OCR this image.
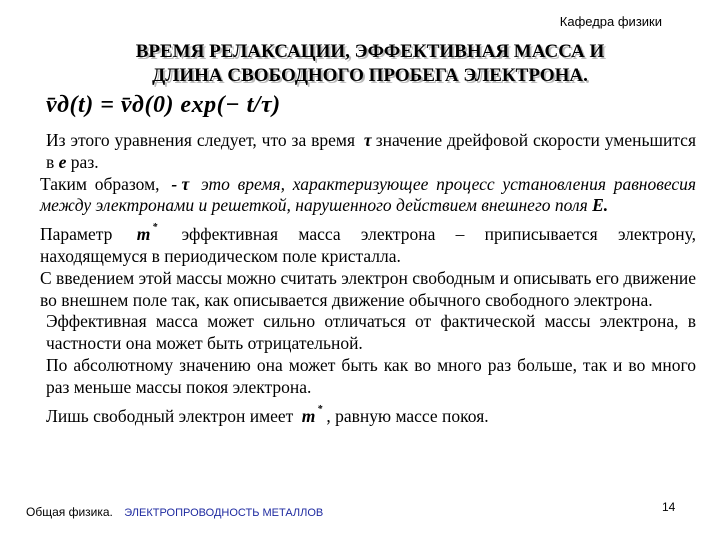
Кафедра физики
ВРЕМЯ РЕЛАКСАЦИИ, ЭФФЕКТИВНАЯ МАССА И
ДЛИНА СВОБОДНОГО ПРОБЕГА ЭЛЕКТРОНА.
v̄д(t) = v̄д(0) exp(− t/τ)

Из этого уравнения следует, что за время τ значение дрейфовой скорости уменьшится в e раз.

Таким образом, - τ это время, характеризующее процесс установления равновесия между электронами и решеткой, нарушенного действием внешнего поля E.

Параметр m * эффективная масса электрона – приписывается электрону, находящемуся в периодическом поле кристалла.

С введением этой массы можно считать электрон свободным и описывать его движение во внешнем поле так, как описывается движение обычного свободного электрона.

Эффективная масса может сильно отличаться от фактической массы электрона, в частности она может быть отрицательной.

По абсолютному значению она может быть как во много раз больше, так и во много раз меньше массы покоя электрона.

Лишь свободный электрон имеет m * , равную массе покоя.

Общая физика. ЭЛЕКТРОПРОВОДНОСТЬ МЕТАЛЛОВ	14
